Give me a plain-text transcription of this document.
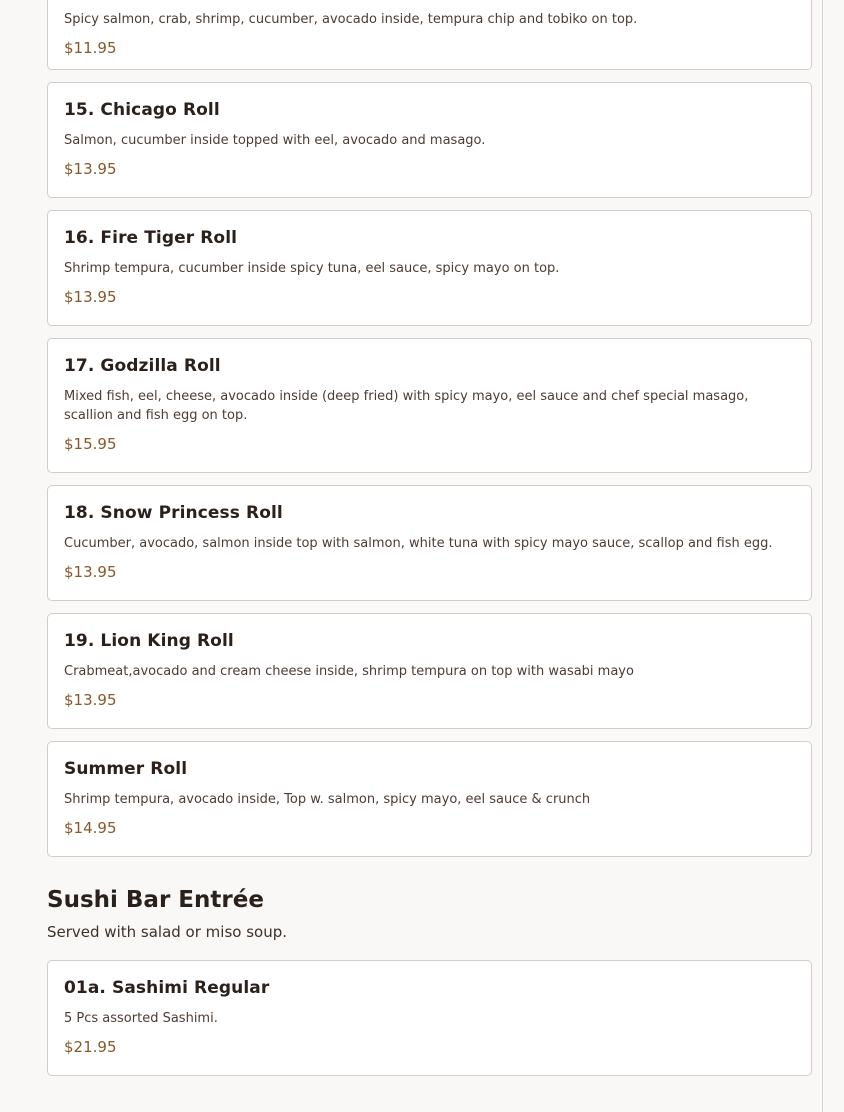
Spicy salmon, crab, shrimp, cucumber, avocado inside, tempura chip and tobiko on top.
$11.95
15. Chicago Roll
Salmon, cucumber inside topped with eel, avocado and masago.
$13.95
16. Fire Tiger Roll
Shrimp tempura, cucumber inside spicy tuna, eel sauce, spicy mayo on top.
$13.95
17. Godzilla Roll
Mixed fish, eel, cheese, avocado inside (deep fried) with spicy mayo, eel sauce and chef special masago, scallion and fish egg on top.
$15.95
18. Snow Princess Roll
Cucumber, avocado, salmon inside top with salmon, white tuna with spicy mayo sauce, scallop and fish egg.
$13.95
19. Lion King Roll
Crabmeat,avocado and cream cheese inside, shrimp tempura on top with wasabi mayo
$13.95
Summer Roll
Shrimp tempura, avocado inside, Top w. salmon, spicy mayo, eel sauce & crunch
$14.95
Sushi Bar Entrée
Served with salad or miso soup.
01a. Sashimi Regular
5 Pcs assorted Sashimi.
$21.95
